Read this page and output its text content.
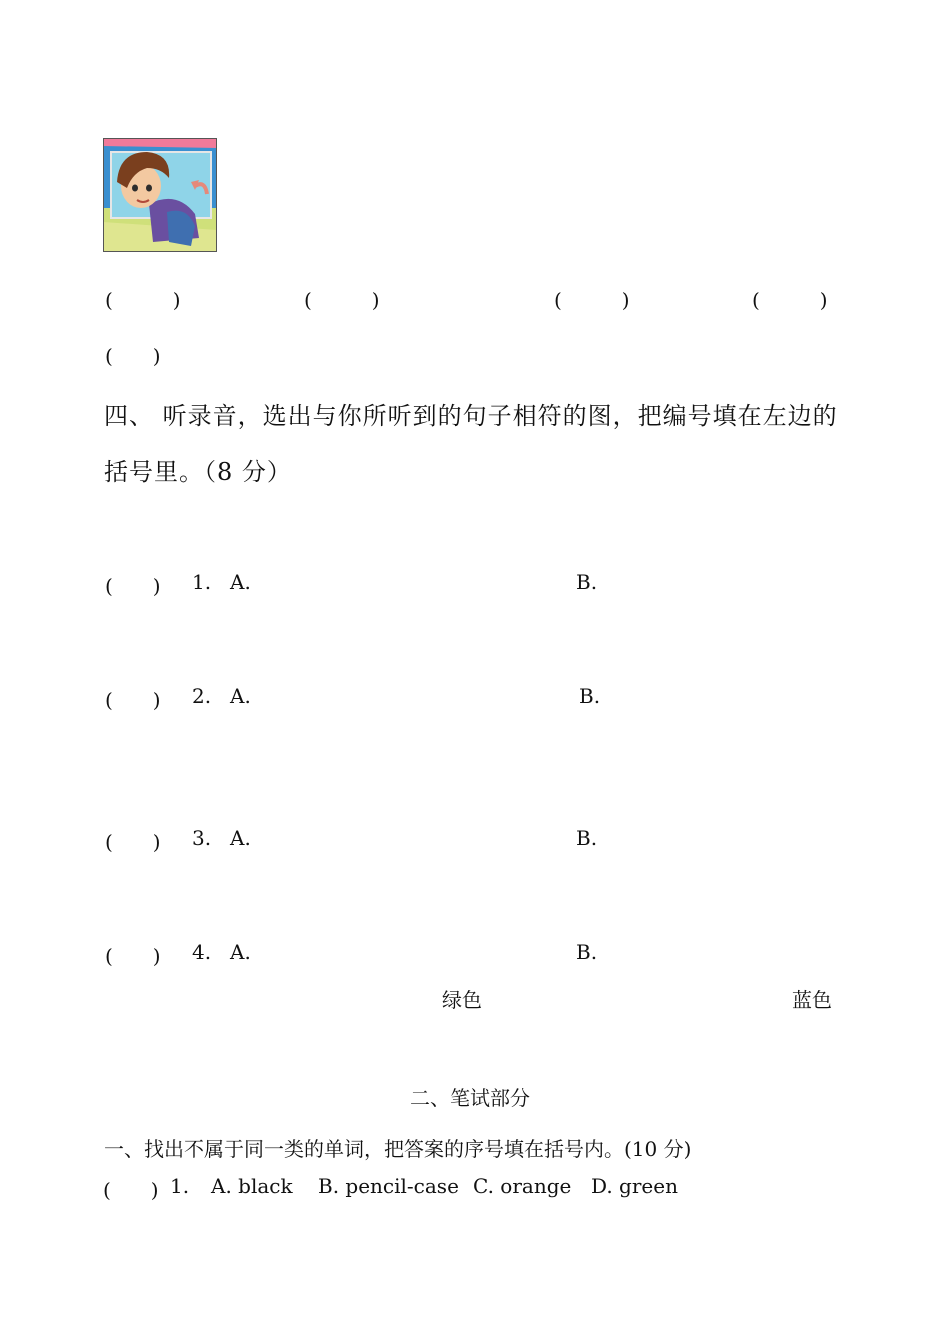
(　　　)	(　　　)	(　　　)	(　　　)
(　　)
四、 听录音，选出与你所听到的句子相符的图，把编号填在左边的
括号里。（8 分）
(　　) 1. A.	B.
(　　) 2. A.	B.
(　　) 3. A.	B.
(　　) 4. A.	B.
绿色	蓝色
二、笔试部分
一、找出不属于同一类的单词，把答案的序号填在括号内。(10 分)
(　　) 1. A. black B. pencil-case C. orange D. green
